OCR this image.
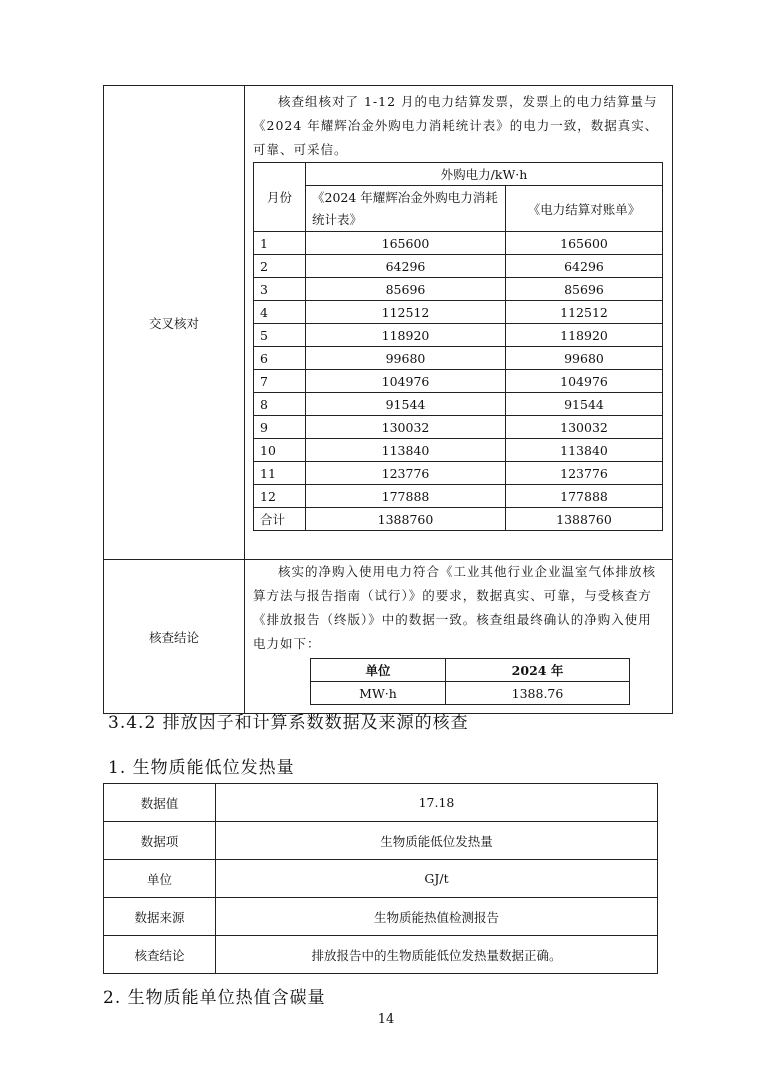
交叉核对	
核查组核对了 1-12 月的电力结算发票，发票上的电力结算量与《2024 年耀辉冶金外购电力消耗统计表》的电力一致，数据真实、可靠、可采信。
月份	外购电力/kW·h
《2024 年耀辉冶金外购电力消耗统计表》	《电力结算对账单》
1	165600	165600
2	64296	64296
3	85696	85696
4	112512	112512
5	118920	118920
6	99680	99680
7	104976	104976
8	91544	91544
9	130032	130032
10	113840	113840
11	123776	123776
12	177888	177888
合计	1388760	1388760

核查结论	
核实的净购入使用电力符合《工业其他行业企业温室气体排放核算方法与报告指南（试行）》的要求，数据真实、可靠，与受核查方《排放报告（终版）》中的数据一致。核查组最终确认的净购入使用电力如下：
单位	2024 年
MW·h	1388.76
3.4.2 排放因子和计算系数数据及来源的核查
1. 生物质能低位发热量
数据值	17.18
数据项	生物质能低位发热量
单位	GJ/t
数据来源	生物质能热值检测报告
核查结论	排放报告中的生物质能低位发热量数据正确。
2. 生物质能单位热值含碳量
14
